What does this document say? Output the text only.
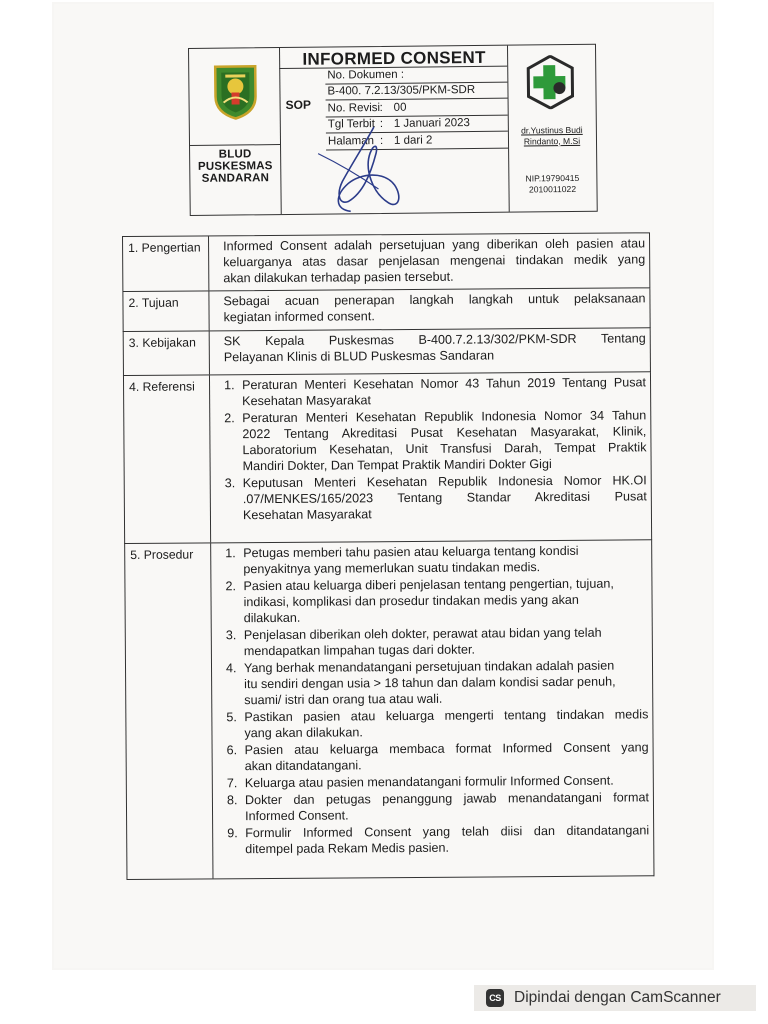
BLUD
PUSKESMAS
SANDARAN
INFORMED CONSENT
SOP
No. Dokumen :
B-400. 7.2.13/305/PKM-SDR
No. Revisi : 00
Tgl Terbit : 1 Januari 2023
Halaman : 1 dari 2
dr.Yustinus Budi
Rindanto, M.Si
NIP.19790415
2010011022
1. Pengertian	Informed Consent adalah persetujuan yang diberikan oleh pasien atau
keluarganya atas dasar penjelasan mengenai tindakan medik yang
akan dilakukan terhadap pasien tersebut.
2. Tujuan	Sebagai acuan penerapan langkah langkah untuk pelaksanaan
kegiatan informed consent.
3. Kebijakan	SK Kepala Puskesmas B-400.7.2.13/302/PKM-SDR Tentang
Pelayanan Klinis di BLUD Puskesmas Sandaran
4. Referensi	1. Peraturan Menteri Kesehatan Nomor 43 Tahun 2019 Tentang Pusat
Kesehatan Masyarakat
2. Peraturan Menteri Kesehatan Republik Indonesia Nomor 34 Tahun
2022 Tentang Akreditasi Pusat Kesehatan Masyarakat, Klinik,
Laboratorium Kesehatan, Unit Transfusi Darah, Tempat Praktik
Mandiri Dokter, Dan Tempat Praktik Mandiri Dokter Gigi
3. Keputusan Menteri Kesehatan Republik Indonesia Nomor HK.OI
.07/MENKES/165/2023 Tentang Standar Akreditasi Pusat
Kesehatan Masyarakat
5. Prosedur	1. Petugas memberi tahu pasien atau keluarga tentang kondisi
penyakitnya yang memerlukan suatu tindakan medis.
2. Pasien atau keluarga diberi penjelasan tentang pengertian, tujuan,
indikasi, komplikasi dan prosedur tindakan medis yang akan
dilakukan.
3. Penjelasan diberikan oleh dokter, perawat atau bidan yang telah
mendapatkan limpahan tugas dari dokter.
4. Yang berhak menandatangani persetujuan tindakan adalah pasien
itu sendiri dengan usia > 18 tahun dan dalam kondisi sadar penuh,
suami/ istri dan orang tua atau wali.
5. Pastikan pasien atau keluarga mengerti tentang tindakan medis
yang akan dilakukan.
6. Pasien atau keluarga membaca format Informed Consent yang
akan ditandatangani.
7. Keluarga atau pasien menandatangani formulir Informed Consent.
8. Dokter dan petugas penanggung jawab menandatangani format
Informed Consent.
9. Formulir Informed Consent yang telah diisi dan ditandatangani
ditempel pada Rekam Medis pasien.
CS Dipindai dengan CamScanner
